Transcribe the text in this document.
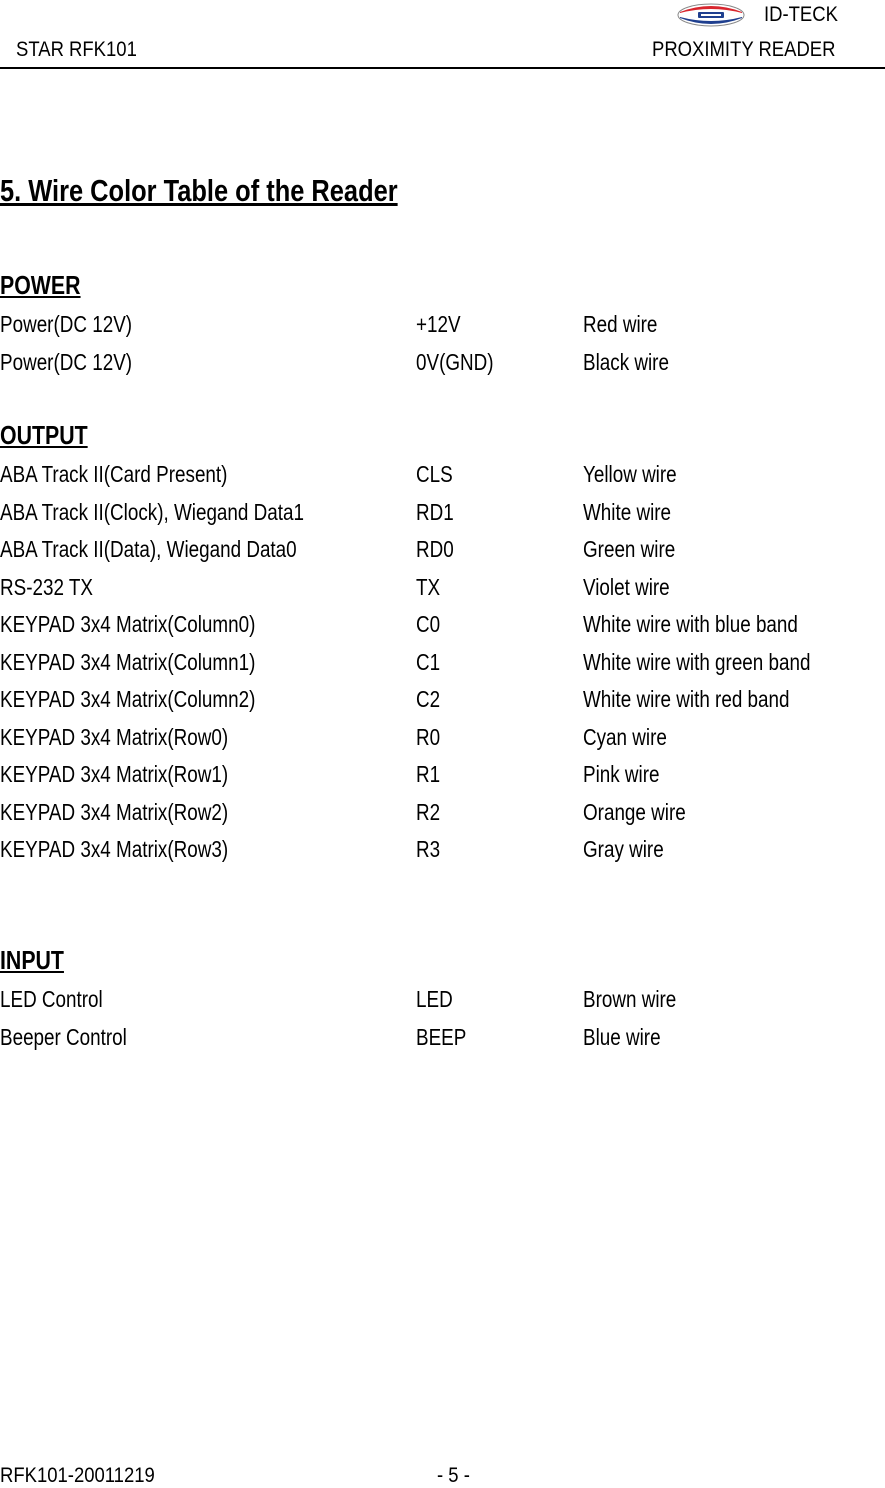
STAR RFK101
ID-TECK
PROXIMITY READER
5. Wire Color Table of the Reader
POWER
Power(DC 12V)	+12V	Red wire
Power(DC 12V)	0V(GND)	Black wire
OUTPUT
ABA Track II(Card Present)	CLS	Yellow wire
ABA Track II(Clock), Wiegand Data1	RD1	White wire
ABA Track II(Data), Wiegand Data0	RD0	Green wire
RS-232 TX	TX	Violet wire
KEYPAD 3x4 Matrix(Column0)	C0	White wire with blue band
KEYPAD 3x4 Matrix(Column1)	C1	White wire with green band
KEYPAD 3x4 Matrix(Column2)	C2	White wire with red band
KEYPAD 3x4 Matrix(Row0)	R0	Cyan wire
KEYPAD 3x4 Matrix(Row1)	R1	Pink wire
KEYPAD 3x4 Matrix(Row2)	R2	Orange wire
KEYPAD 3x4 Matrix(Row3)	R3	Gray wire
INPUT
LED Control	LED	Brown wire
Beeper Control	BEEP	Blue wire
RFK101-20011219	- 5 -
